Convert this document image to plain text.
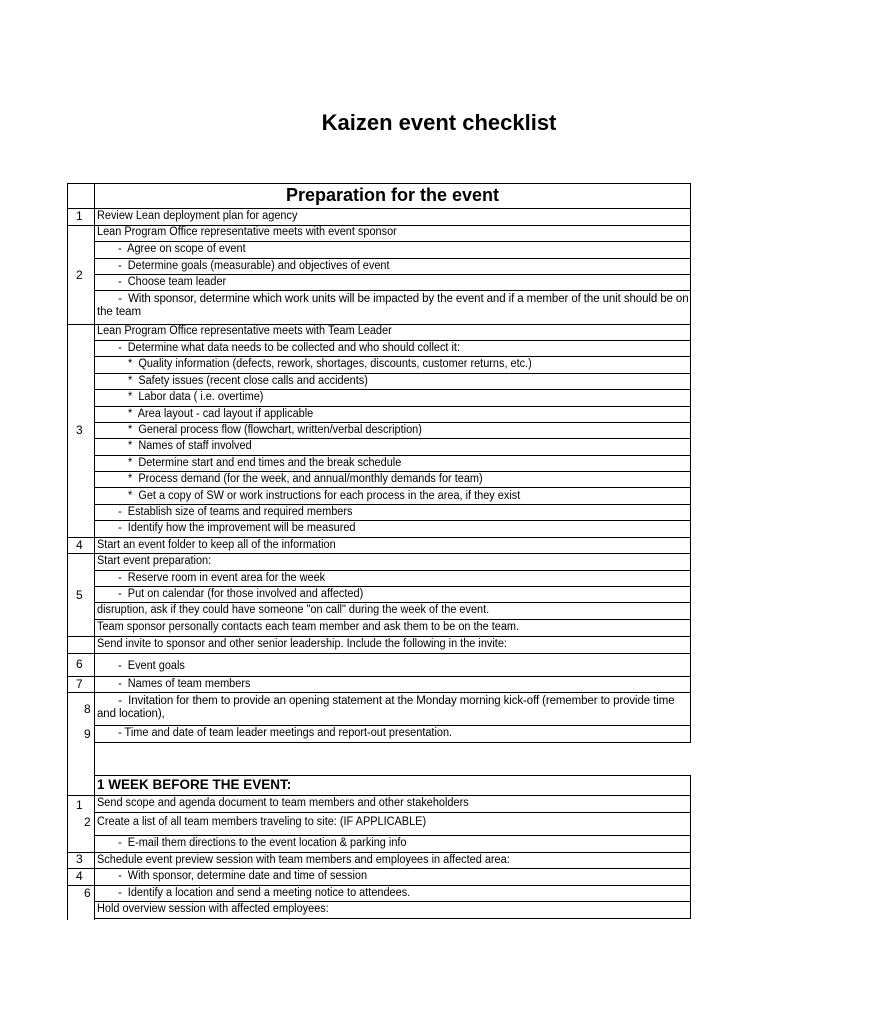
Kaizen event checklist
Preparation for the event
1
2
3
4
5
6
7
8
9
Review Lean deployment plan for agency
Lean Program Office representative meets with event sponsor
-  Agree on scope of event
-  Determine goals (measurable) and objectives of event
-  Choose team leader
-  With sponsor, determine which work units will be impacted by the event and if a member of the unit should be on the team
Lean Program Office representative meets with Team Leader
-  Determine what data needs to be collected and who should collect it:
*  Quality information (defects, rework, shortages, discounts, customer returns, etc.)
*  Safety issues (recent close calls and accidents)
*  Labor data ( i.e. overtime)
*  Area layout - cad layout if applicable
*  General process flow (flowchart, written/verbal description)
*  Names of staff involved
*  Determine start and end times and the break schedule
*  Process demand (for the week, and annual/monthly demands for team)
*  Get a copy of SW or work instructions for each process in the area, if they exist
-  Establish size of teams and required members
-  Identify how the improvement will be measured
Start an event folder to keep all of the information
Start event preparation:
-  Reserve room in event area for the week
-  Put on calendar (for those involved and affected)
disruption, ask if they could have someone "on call" during the week of the event.
Team sponsor personally contacts each team member and ask them to be on the team.
Send invite to sponsor and other senior leadership. Include the following in the invite:
-  Event goals
-  Names of team members
-  Invitation for them to provide an opening statement at the Monday morning kick-off (remember to provide time and location),
- Time and date of team leader meetings and report-out presentation.
1 WEEK BEFORE THE EVENT:
1
2
3
4
6
Send scope and agenda document to team members and other stakeholders
Create a list of all team members traveling to site: (IF APPLICABLE)
-  E-mail them directions to the event location & parking info
Schedule event preview session with team members and employees in affected area:
-  With sponsor, determine date and time of session
-  Identify a location and send a meeting notice to attendees.
Hold overview session with affected employees:
